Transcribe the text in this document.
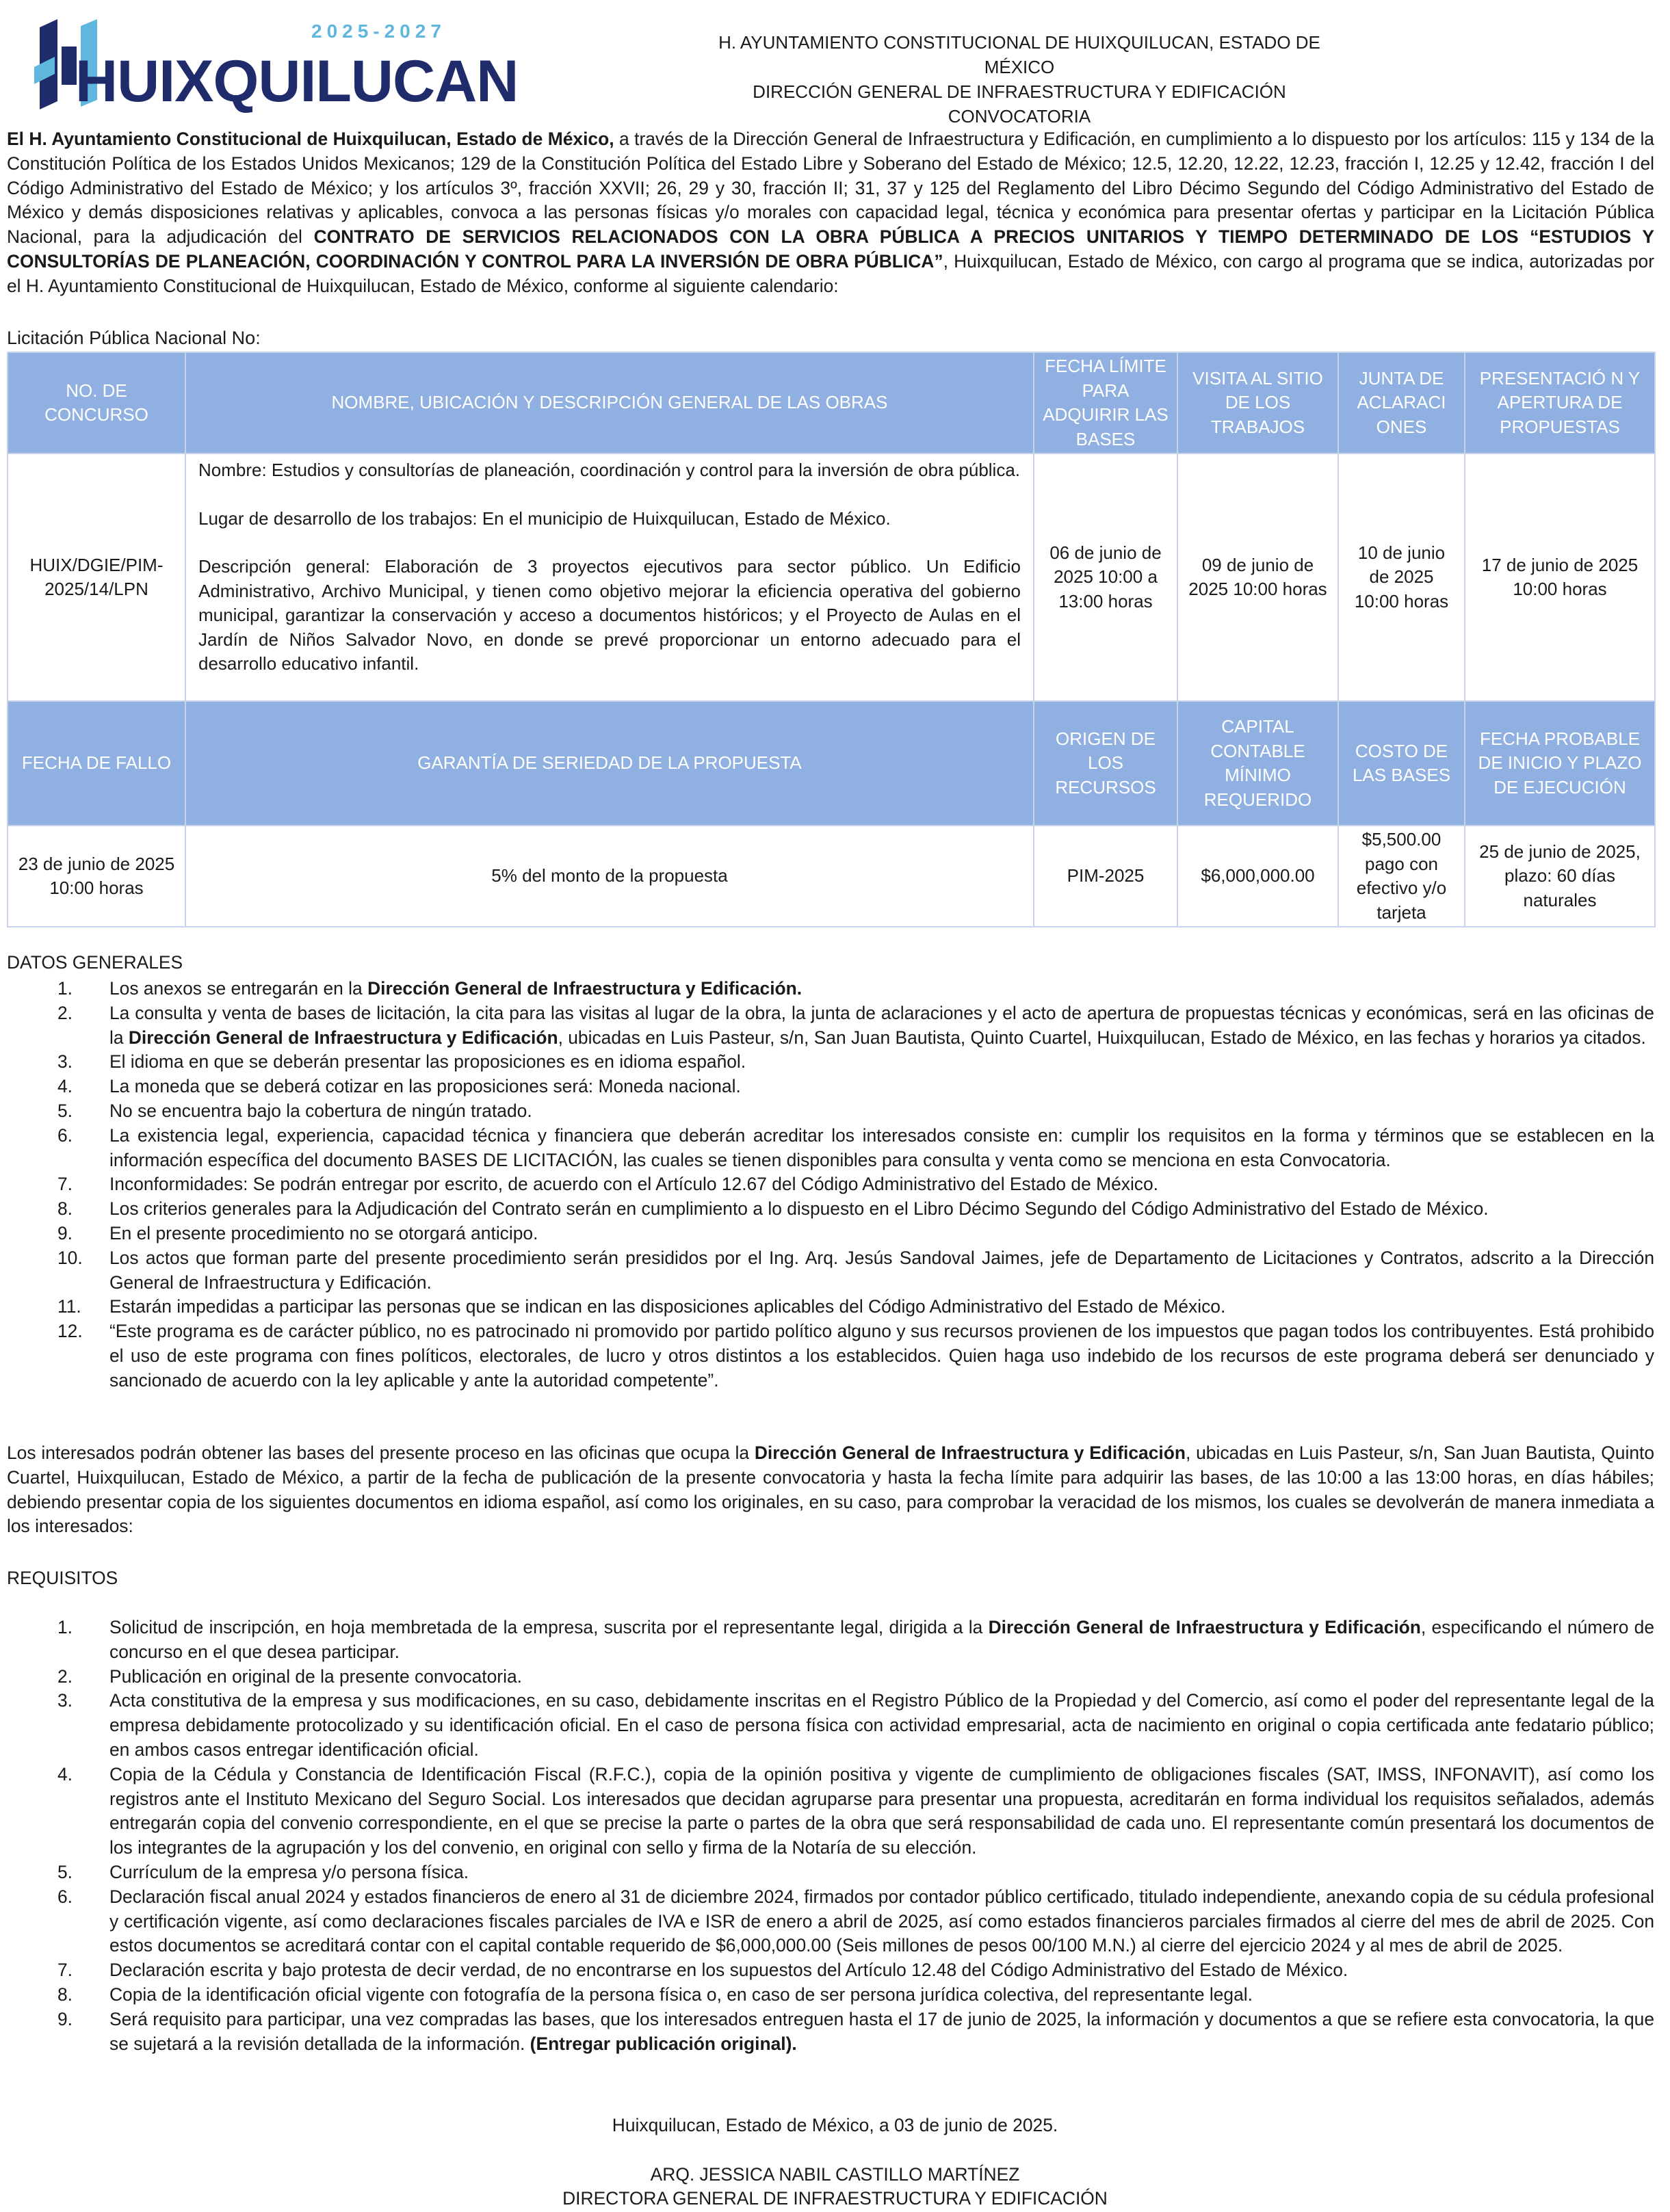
2025-2027
HUIXQUILUCAN
H. AYUNTAMIENTO CONSTITUCIONAL DE HUIXQUILUCAN, ESTADO DE MÉXICO
DIRECCIÓN GENERAL DE INFRAESTRUCTURA Y EDIFICACIÓN
CONVOCATORIA
El H. Ayuntamiento Constitucional de Huixquilucan, Estado de México, a través de la Dirección General de Infraestructura y Edificación, en cumplimiento a lo dispuesto por los artículos: 115 y 134 de la Constitución Política de los Estados Unidos Mexicanos; 129 de la Constitución Política del Estado Libre y Soberano del Estado de México; 12.5, 12.20, 12.22, 12.23, fracción I, 12.25 y 12.42, fracción I del Código Administrativo del Estado de México; y los artículos 3º, fracción XXVII; 26, 29 y 30, fracción II; 31, 37 y 125 del Reglamento del Libro Décimo Segundo del Código Administrativo del Estado de México y demás disposiciones relativas y aplicables, convoca a las personas físicas y/o morales con capacidad legal, técnica y económica para presentar ofertas y participar en la Licitación Pública Nacional, para la adjudicación del CONTRATO DE SERVICIOS RELACIONADOS CON LA OBRA PÚBLICA A PRECIOS UNITARIOS Y TIEMPO DETERMINADO DE LOS “ESTUDIOS Y CONSULTORÍAS DE PLANEACIÓN, COORDINACIÓN Y CONTROL PARA LA INVERSIÓN DE OBRA PÚBLICA”, Huixquilucan, Estado de México, con cargo al programa que se indica, autorizadas por el H. Ayuntamiento Constitucional de Huixquilucan, Estado de México, conforme al siguiente calendario:
Licitación Pública Nacional No:
NO. DE CONCURSO	NOMBRE, UBICACIÓN Y DESCRIPCIÓN GENERAL DE LAS OBRAS	FECHA LÍMITE PARA ADQUIRIR LAS BASES	VISITA AL SITIO DE LOS TRABAJOS	JUNTA DE ACLARACI ONES	PRESENTACIÓ N Y APERTURA DE PROPUESTAS
HUIX/DGIE/PIM-2025/14/LPN	Nombre: Estudios y consultorías de planeación, coordinación y control para la inversión de obra pública.

Lugar de desarrollo de los trabajos: En el municipio de Huixquilucan, Estado de México.

Descripción general: Elaboración de 3 proyectos ejecutivos para sector público. Un Edificio Administrativo, Archivo Municipal, y tienen como objetivo mejorar la eficiencia operativa del gobierno municipal, garantizar la conservación y acceso a documentos históricos; y el Proyecto de Aulas en el Jardín de Niños Salvador Novo, en donde se prevé proporcionar un entorno adecuado para el desarrollo educativo infantil.	06 de junio de 2025 10:00 a 13:00 horas	09 de junio de 2025 10:00 horas	10 de junio de 2025 10:00 horas	17 de junio de 2025 10:00 horas
FECHA DE FALLO	GARANTÍA DE SERIEDAD DE LA PROPUESTA	ORIGEN DE LOS RECURSOS	CAPITAL CONTABLE MÍNIMO REQUERIDO	COSTO DE LAS BASES	FECHA PROBABLE DE INICIO Y PLAZO DE EJECUCIÓN
23 de junio de 2025 10:00 horas	5% del monto de la propuesta	PIM-2025	$6,000,000.00	$5,500.00 pago con efectivo y/o tarjeta	25 de junio de 2025, plazo: 60 días naturales
DATOS GENERALES
1.	Los anexos se entregarán en la Dirección General de Infraestructura y Edificación.
2.	La consulta y venta de bases de licitación, la cita para las visitas al lugar de la obra, la junta de aclaraciones y el acto de apertura de propuestas técnicas y económicas, será en las oficinas de la Dirección General de Infraestructura y Edificación, ubicadas en Luis Pasteur, s/n, San Juan Bautista, Quinto Cuartel, Huixquilucan, Estado de México, en las fechas y horarios ya citados.
3.	El idioma en que se deberán presentar las proposiciones es en idioma español.
4.	La moneda que se deberá cotizar en las proposiciones será: Moneda nacional.
5.	No se encuentra bajo la cobertura de ningún tratado.
6.	La existencia legal, experiencia, capacidad técnica y financiera que deberán acreditar los interesados consiste en: cumplir los requisitos en la forma y términos que se establecen en la información específica del documento BASES DE LICITACIÓN, las cuales se tienen disponibles para consulta y venta como se menciona en esta Convocatoria.
7.	Inconformidades: Se podrán entregar por escrito, de acuerdo con el Artículo 12.67 del Código Administrativo del Estado de México.
8.	Los criterios generales para la Adjudicación del Contrato serán en cumplimiento a lo dispuesto en el Libro Décimo Segundo del Código Administrativo del Estado de México.
9.	En el presente procedimiento no se otorgará anticipo.
10. Los actos que forman parte del presente procedimiento serán presididos por el Ing. Arq. Jesús Sandoval Jaimes, jefe de Departamento de Licitaciones y Contratos, adscrito a la Dirección General de Infraestructura y Edificación.
11. Estarán impedidas a participar las personas que se indican en las disposiciones aplicables del Código Administrativo del Estado de México.
12. “Este programa es de carácter público, no es patrocinado ni promovido por partido político alguno y sus recursos provienen de los impuestos que pagan todos los contribuyentes. Está prohibido el uso de este programa con fines políticos, electorales, de lucro y otros distintos a los establecidos. Quien haga uso indebido de los recursos de este programa deberá ser denunciado y sancionado de acuerdo con la ley aplicable y ante la autoridad competente”.
Los interesados podrán obtener las bases del presente proceso en las oficinas que ocupa la Dirección General de Infraestructura y Edificación, ubicadas en Luis Pasteur, s/n, San Juan Bautista, Quinto Cuartel, Huixquilucan, Estado de México, a partir de la fecha de publicación de la presente convocatoria y hasta la fecha límite para adquirir las bases, de las 10:00 a las 13:00 horas, en días hábiles; debiendo presentar copia de los siguientes documentos en idioma español, así como los originales, en su caso, para comprobar la veracidad de los mismos, los cuales se devolverán de manera inmediata a los interesados:
REQUISITOS
1.	Solicitud de inscripción, en hoja membretada de la empresa, suscrita por el representante legal, dirigida a la Dirección General de Infraestructura y Edificación, especificando el número de concurso en el que desea participar.
2.	Publicación en original de la presente convocatoria.
3.	Acta constitutiva de la empresa y sus modificaciones, en su caso, debidamente inscritas en el Registro Público de la Propiedad y del Comercio, así como el poder del representante legal de la empresa debidamente protocolizado y su identificación oficial. En el caso de persona física con actividad empresarial, acta de nacimiento en original o copia certificada ante fedatario público; en ambos casos entregar identificación oficial.
4.	Copia de la Cédula y Constancia de Identificación Fiscal (R.F.C.), copia de la opinión positiva y vigente de cumplimiento de obligaciones fiscales (SAT, IMSS, INFONAVIT), así como los registros ante el Instituto Mexicano del Seguro Social. Los interesados que decidan agruparse para presentar una propuesta, acreditarán en forma individual los requisitos señalados, además entregarán copia del convenio correspondiente, en el que se precise la parte o partes de la obra que será responsabilidad de cada uno. El representante común presentará los documentos de los integrantes de la agrupación y los del convenio, en original con sello y firma de la Notaría de su elección.
5.	Currículum de la empresa y/o persona física.
6.	Declaración fiscal anual 2024 y estados financieros de enero al 31 de diciembre 2024, firmados por contador público certificado, titulado independiente, anexando copia de su cédula profesional y certificación vigente, así como declaraciones fiscales parciales de IVA e ISR de enero a abril de 2025, así como estados financieros parciales firmados al cierre del mes de abril de 2025. Con estos documentos se acreditará contar con el capital contable requerido de $6,000,000.00 (Seis millones de pesos 00/100 M.N.) al cierre del ejercicio 2024 y al mes de abril de 2025.
7.	Declaración escrita y bajo protesta de decir verdad, de no encontrarse en los supuestos del Artículo 12.48 del Código Administrativo del Estado de México.
8.	Copia de la identificación oficial vigente con fotografía de la persona física o, en caso de ser persona jurídica colectiva, del representante legal.
9.	Será requisito para participar, una vez compradas las bases, que los interesados entreguen hasta el 17 de junio de 2025, la información y documentos a que se refiere esta convocatoria, la que se sujetará a la revisión detallada de la información. (Entregar publicación original).
Huixquilucan, Estado de México, a 03 de junio de 2025.
ARQ. JESSICA NABIL CASTILLO MARTÍNEZ
DIRECTORA GENERAL DE INFRAESTRUCTURA Y EDIFICACIÓN
